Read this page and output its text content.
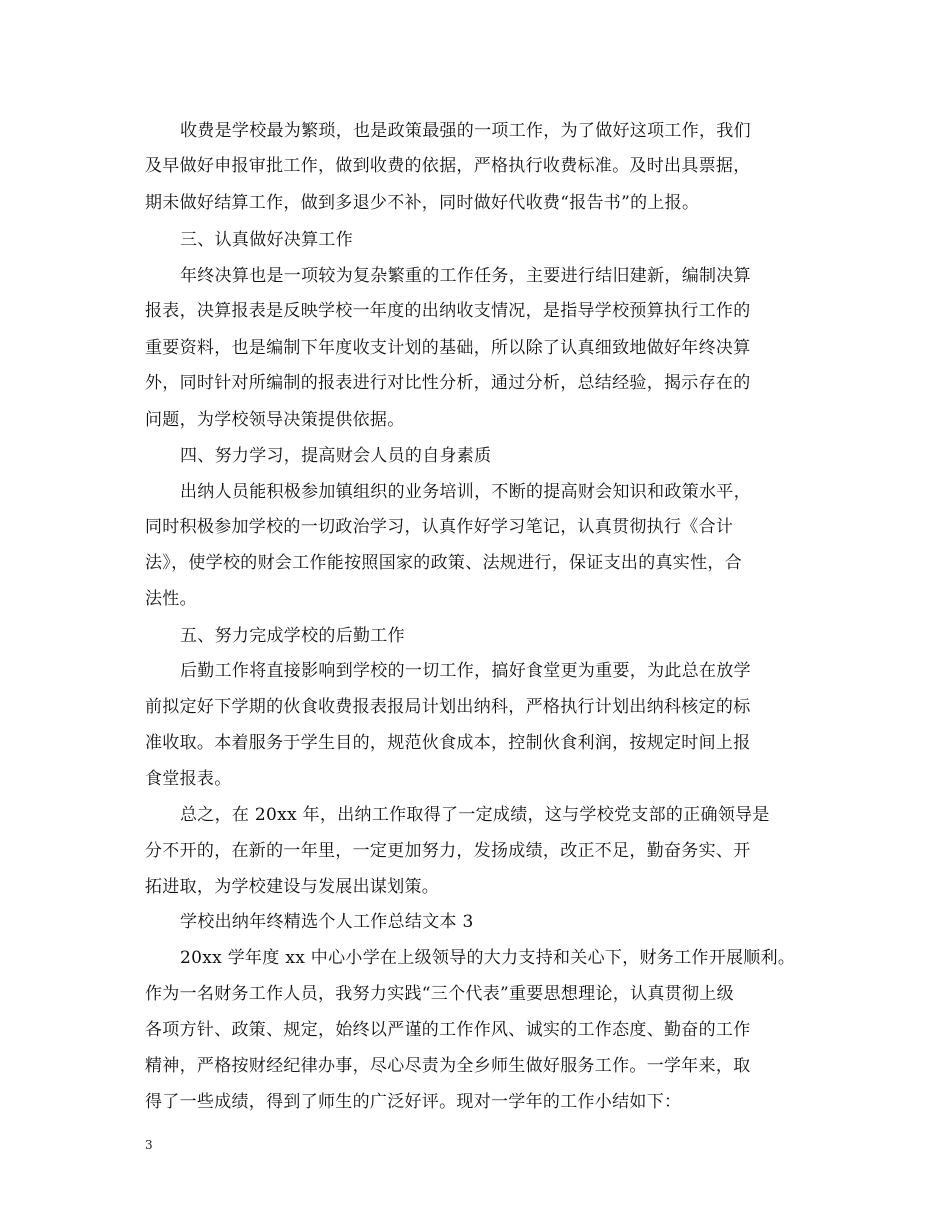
收费是学校最为繁琐，也是政策最强的一项工作，为了做好这项工作，我们
及早做好申报审批工作，做到收费的依据，严格执行收费标准。及时出具票据，
期未做好结算工作，做到多退少不补，同时做好代收费“报告书”的上报。
三、认真做好决算工作
年终决算也是一项较为复杂繁重的工作任务，主要进行结旧建新，编制决算
报表，决算报表是反映学校一年度的出纳收支情况，是指导学校预算执行工作的
重要资料，也是编制下年度收支计划的基础，所以除了认真细致地做好年终决算
外，同时针对所编制的报表进行对比性分析，通过分析，总结经验，揭示存在的
问题，为学校领导决策提供依据。
四、努力学习，提高财会人员的自身素质
出纳人员能积极参加镇组织的业务培训，不断的提高财会知识和政策水平，
同时积极参加学校的一切政治学习，认真作好学习笔记，认真贯彻执行《合计
法》，使学校的财会工作能按照国家的政策、法规进行，保证支出的真实性，合
法性。
五、努力完成学校的后勤工作
后勤工作将直接影响到学校的一切工作，搞好食堂更为重要，为此总在放学
前拟定好下学期的伙食收费报表报局计划出纳科，严格执行计划出纳科核定的标
准收取。本着服务于学生目的，规范伙食成本，控制伙食利润，按规定时间上报
食堂报表。
总之，在 20xx 年，出纳工作取得了一定成绩，这与学校党支部的正确领导是
分不开的，在新的一年里，一定更加努力，发扬成绩，改正不足，勤奋务实、开
拓进取，为学校建设与发展出谋划策。
学校出纳年终精选个人工作总结文本 3
20xx 学年度 xx 中心小学在上级领导的大力支持和关心下，财务工作开展顺利。
作为一名财务工作人员，我努力实践“三个代表”重要思想理论，认真贯彻上级
各项方针、政策、规定，始终以严谨的工作作风、诚实的工作态度、勤奋的工作
精神，严格按财经纪律办事，尽心尽责为全乡师生做好服务工作。一学年来，取
得了一些成绩，得到了师生的广泛好评。现对一学年的工作小结如下：
3
